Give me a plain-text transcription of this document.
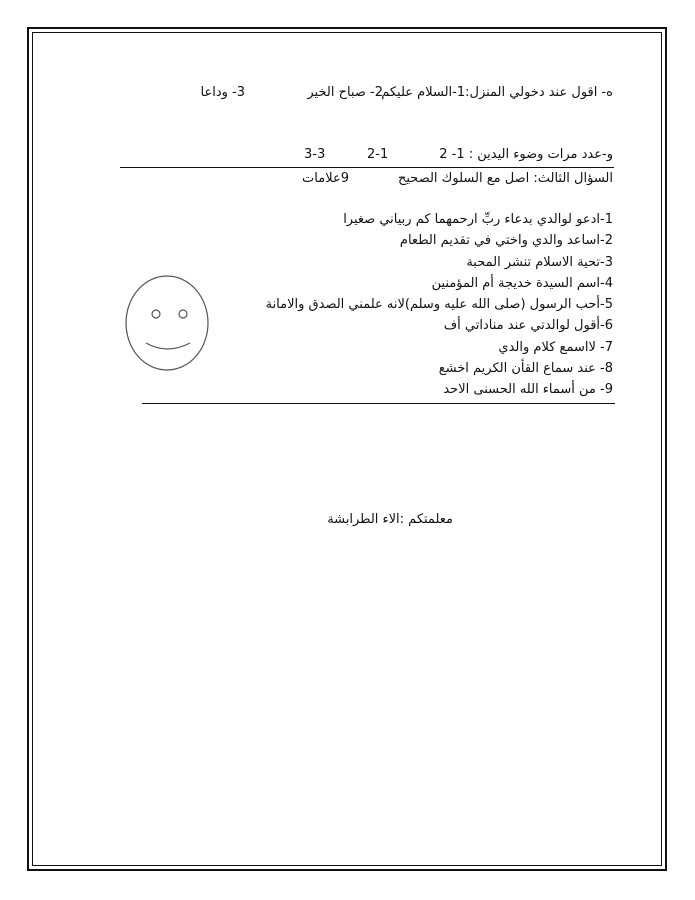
ه- اقول عند دخولي المنزل:1-السلام عليكم
2- صباح الخير
3- وداعا
و-عدد مرات وضوء اليدين : 1- 2
2-1
3-3
السؤال الثالث: اصل مع السلوك الصحيح
9علامات
1-ادعو لوالدي بدعاء ربِّ ارحمهما كم ربياني صغيرا
2-اساعد والدي واختي في تقديم الطعام
3-تحية الاسلام تنشر المحبة
4-اسم السيدة خديجة أم المؤمنين
5-أحب الرسول (صلى الله عليه وسلم)لانه علمني الصدق والامانة
6-أقول لوالدتي عند مناداتي أف
7- لااسمع كلام والدي
8- عند سماع القأن الكريم اخشع
9- من أسماء الله الحسنى الاحد
معلمتكم :الاء الطرابشة
